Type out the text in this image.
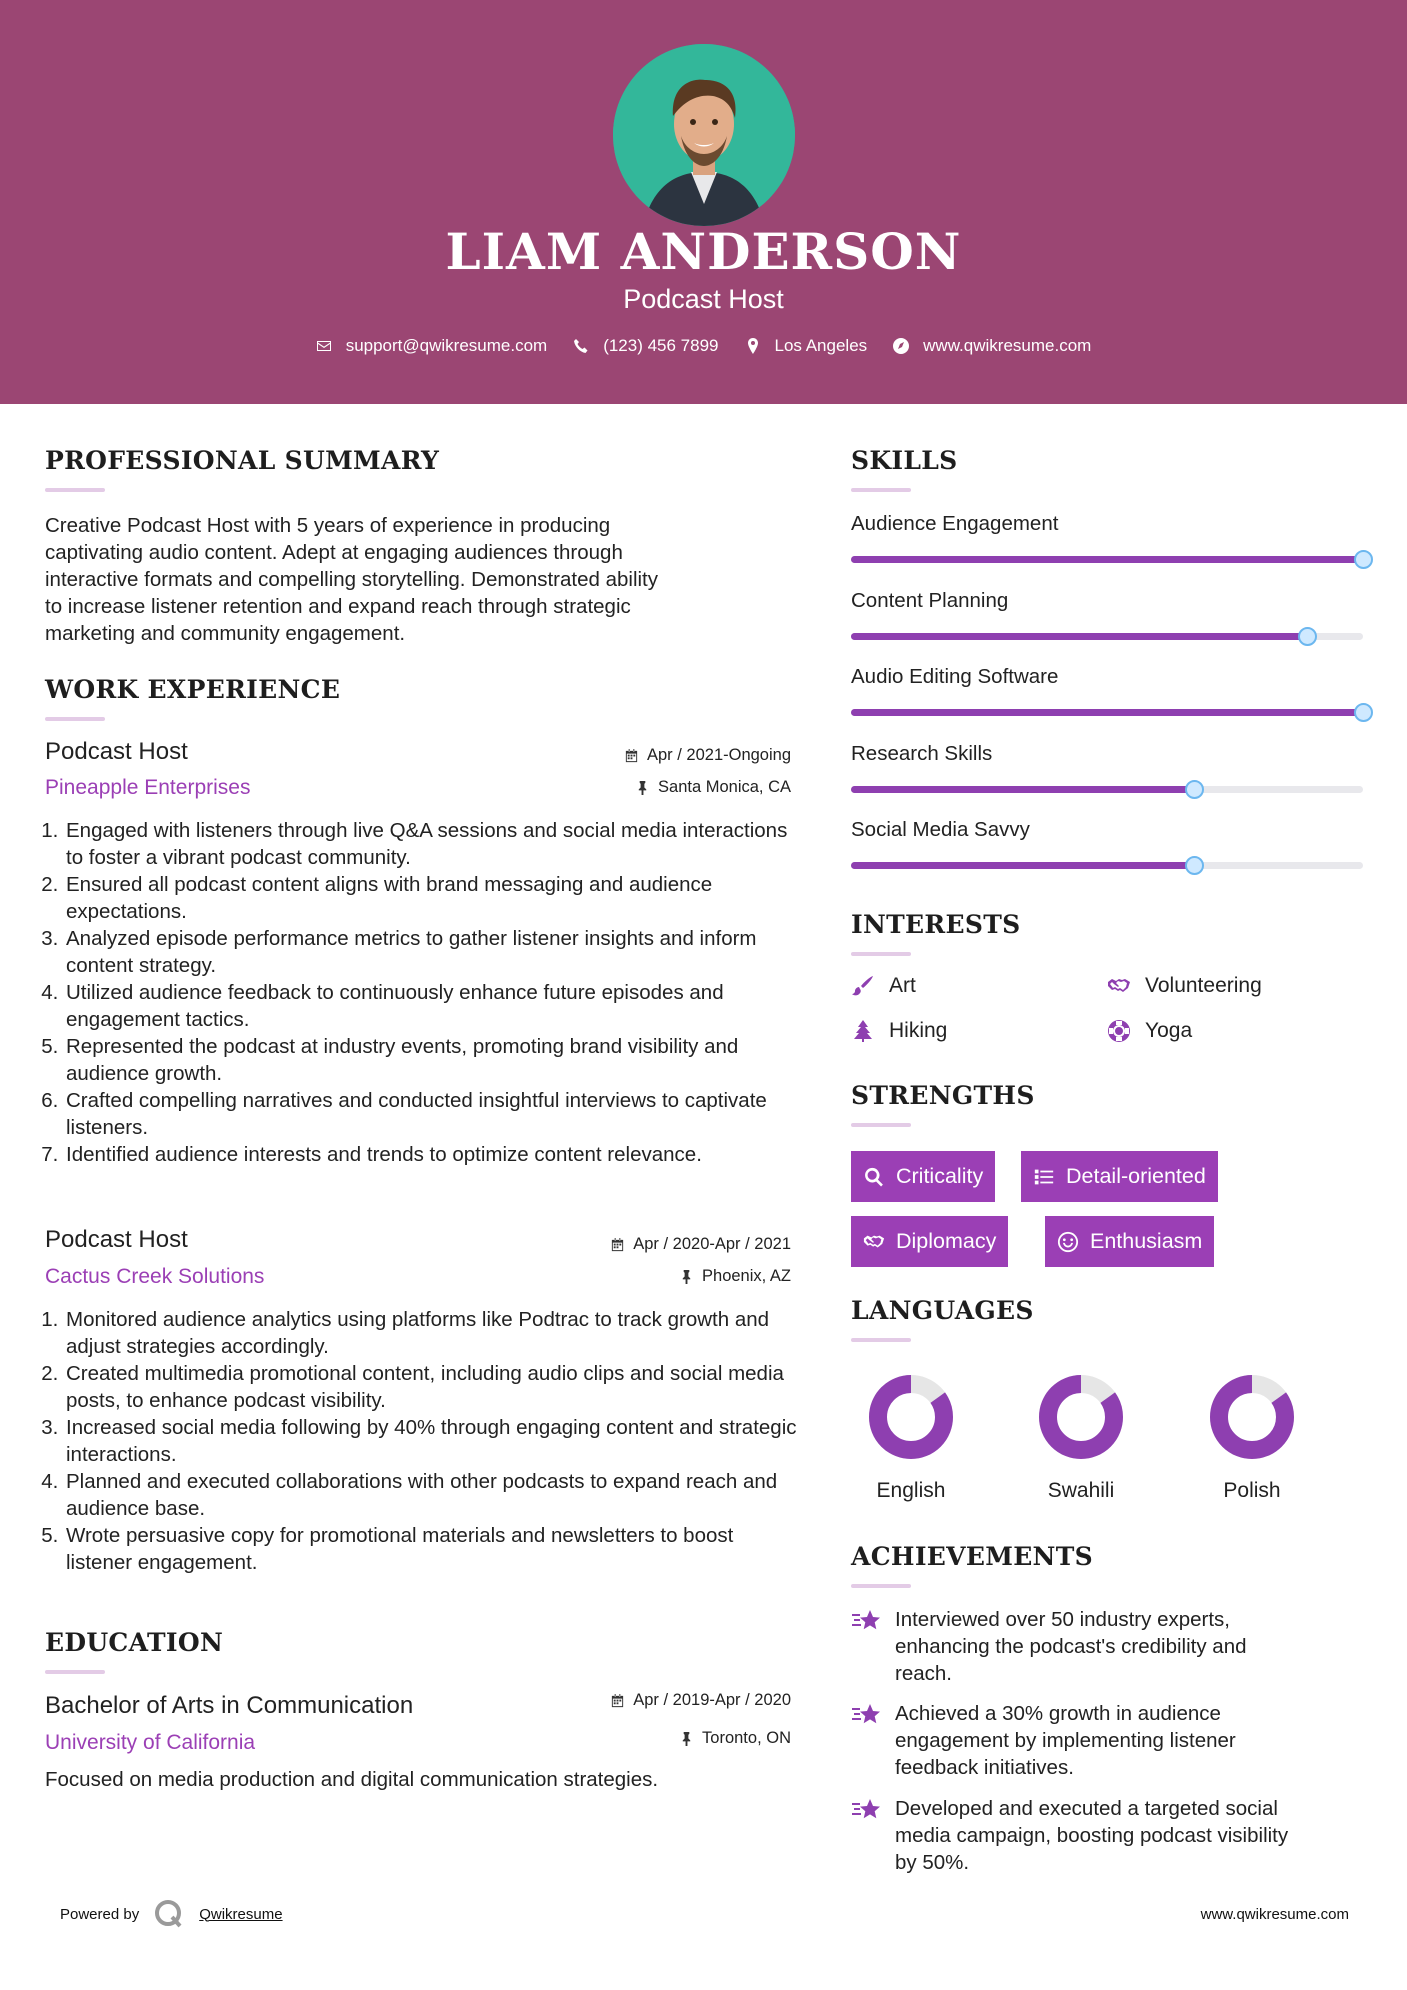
LIAM ANDERSON
Podcast Host
support@qwikresume.com	(123) 456 7899	Los Angeles	www.qwikresume.com
PROFESSIONAL SUMMARY
Creative Podcast Host with 5 years of experience in producing
captivating audio content. Adept at engaging audiences through
interactive formats and compelling storytelling. Demonstrated ability
to increase listener retention and expand reach through strategic
marketing and community engagement.
WORK EXPERIENCE
Podcast Host
Pineapple Enterprises
Apr / 2021-Ongoing
Santa Monica, CA
1. Engaged with listeners through live Q&A sessions and social media interactions to foster a vibrant podcast community.
2. Ensured all podcast content aligns with brand messaging and audience expectations.
3. Analyzed episode performance metrics to gather listener insights and inform content strategy.
4. Utilized audience feedback to continuously enhance future episodes and engagement tactics.
5. Represented the podcast at industry events, promoting brand visibility and audience growth.
6. Crafted compelling narratives and conducted insightful interviews to captivate listeners.
7. Identified audience interests and trends to optimize content relevance.
Podcast Host
Cactus Creek Solutions
Apr / 2020-Apr / 2021
Phoenix, AZ
1. Monitored audience analytics using platforms like Podtrac to track growth and adjust strategies accordingly.
2. Created multimedia promotional content, including audio clips and social media posts, to enhance podcast visibility.
3. Increased social media following by 40% through engaging content and strategic interactions.
4. Planned and executed collaborations with other podcasts to expand reach and audience base.
5. Wrote persuasive copy for promotional materials and newsletters to boost listener engagement.
EDUCATION
Bachelor of Arts in Communication
University of California
Apr / 2019-Apr / 2020
Toronto, ON
Focused on media production and digital communication strategies.
SKILLS
Audience Engagement
Content Planning
Audio Editing Software
Research Skills
Social Media Savvy
INTERESTS
Art	Volunteering
Hiking	Yoga
STRENGTHS
Criticality	Detail-oriented
Diplomacy	Enthusiasm
LANGUAGES
English	Swahili	Polish
ACHIEVEMENTS
Interviewed over 50 industry experts,
enhancing the podcast's credibility and
reach.
Achieved a 30% growth in audience
engagement by implementing listener
feedback initiatives.
Developed and executed a targeted social
media campaign, boosting podcast visibility
by 50%.
Powered by	Qwikresume	www.qwikresume.com
